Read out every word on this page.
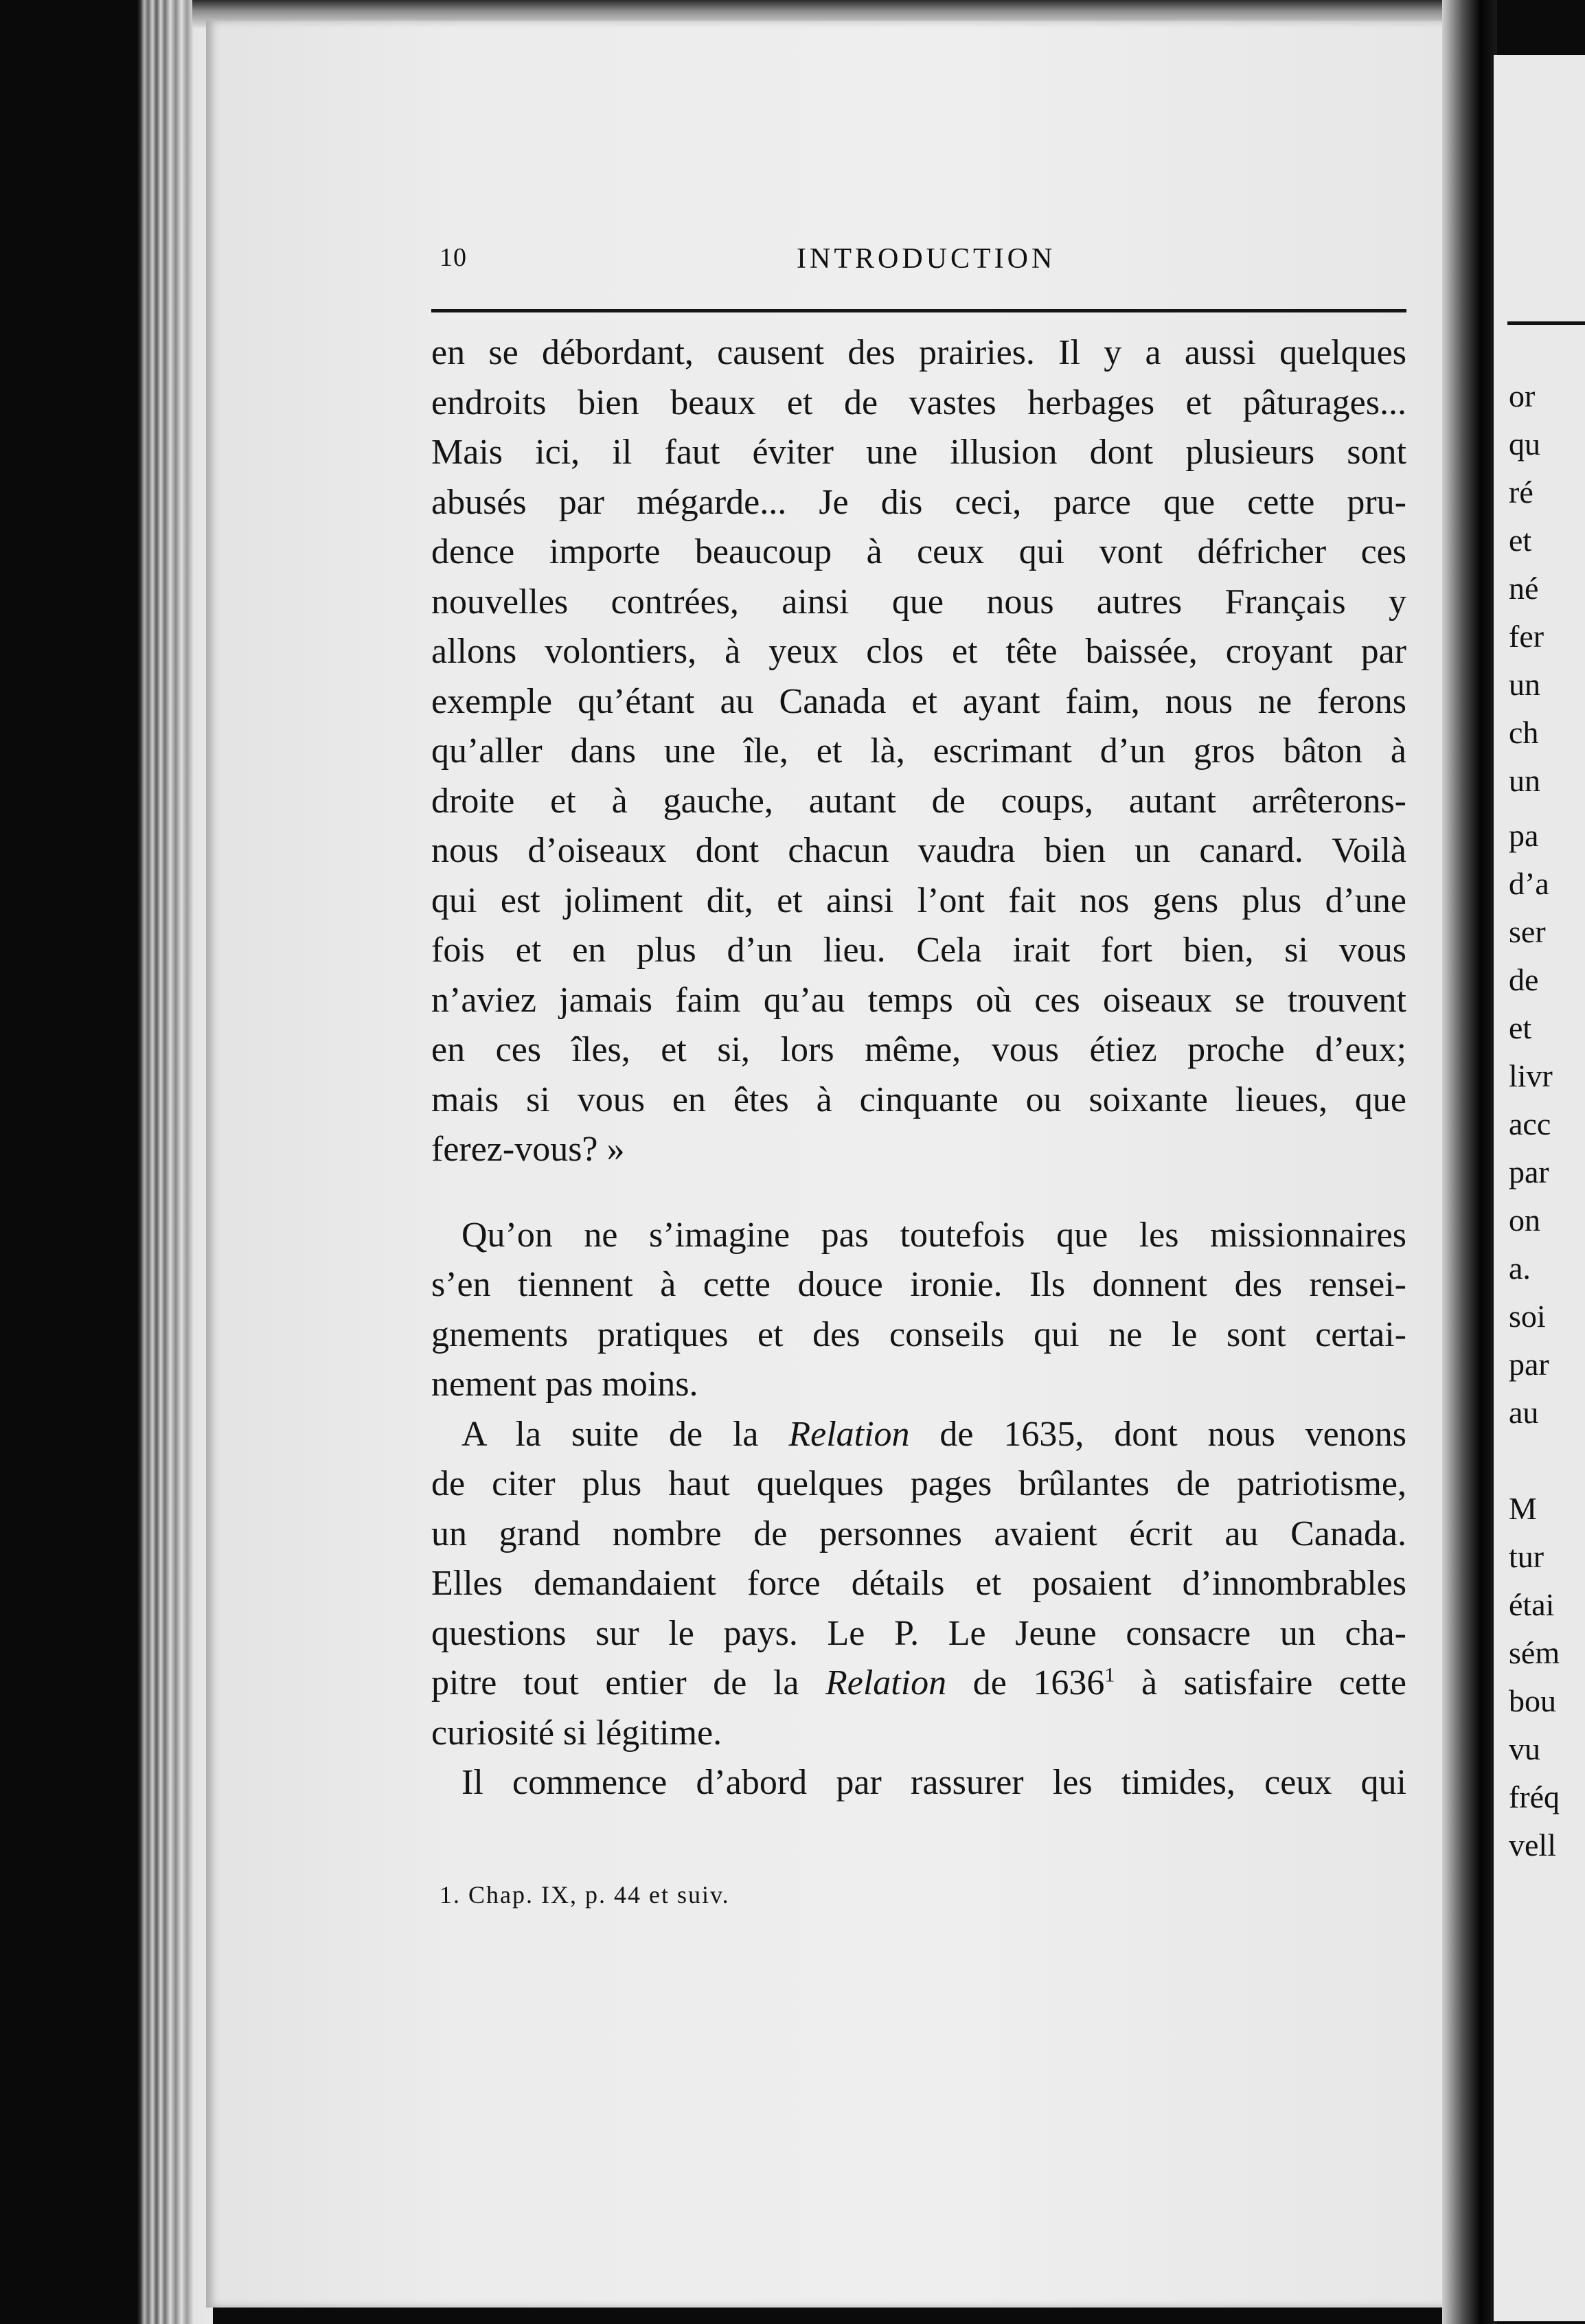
10	INTRODUCTION
en se débordant, causent des prairies. Il y a aussi quelques
endroits bien beaux et de vastes herbages et pâturages...
Mais ici, il faut éviter une illusion dont plusieurs sont
abusés par mégarde... Je dis ceci, parce que cette pru-
dence importe beaucoup à ceux qui vont défricher ces
nouvelles contrées, ainsi que nous autres Français y
allons volontiers, à yeux clos et tête baissée, croyant par
exemple qu’étant au Canada et ayant faim, nous ne ferons
qu’aller dans une île, et là, escrimant d’un gros bâton à
droite et à gauche, autant de coups, autant arrêterons-
nous d’oiseaux dont chacun vaudra bien un canard. Voilà
qui est joliment dit, et ainsi l’ont fait nos gens plus d’une
fois et en plus d’un lieu. Cela irait fort bien, si vous
n’aviez jamais faim qu’au temps où ces oiseaux se trouvent
en ces îles, et si, lors même, vous étiez proche d’eux;
mais si vous en êtes à cinquante ou soixante lieues, que
ferez-vous? »
Qu’on ne s’imagine pas toutefois que les missionnaires
s’en tiennent à cette douce ironie. Ils donnent des rensei-
gnements pratiques et des conseils qui ne le sont certai-
nement pas moins.
A la suite de la Relation de 1635, dont nous venons
de citer plus haut quelques pages brûlantes de patriotisme,
un grand nombre de personnes avaient écrit au Canada.
Elles demandaient force détails et posaient d’innombrables
questions sur le pays. Le P. Le Jeune consacre un cha-
pitre tout entier de la Relation de 1636$^1$ à satisfaire cette
curiosité si légitime.
Il commence d’abord par rassurer les timides, ceux qui
1. Chap. IX, p. 44 et suiv.
or
qu
ré
et
né
fer
un
ch
un
pa
d’a
ser
de
et
livr
acc
par
on
a.
soi
par
au
M
tur
étai
sém
bou
vu
fréq
vell
